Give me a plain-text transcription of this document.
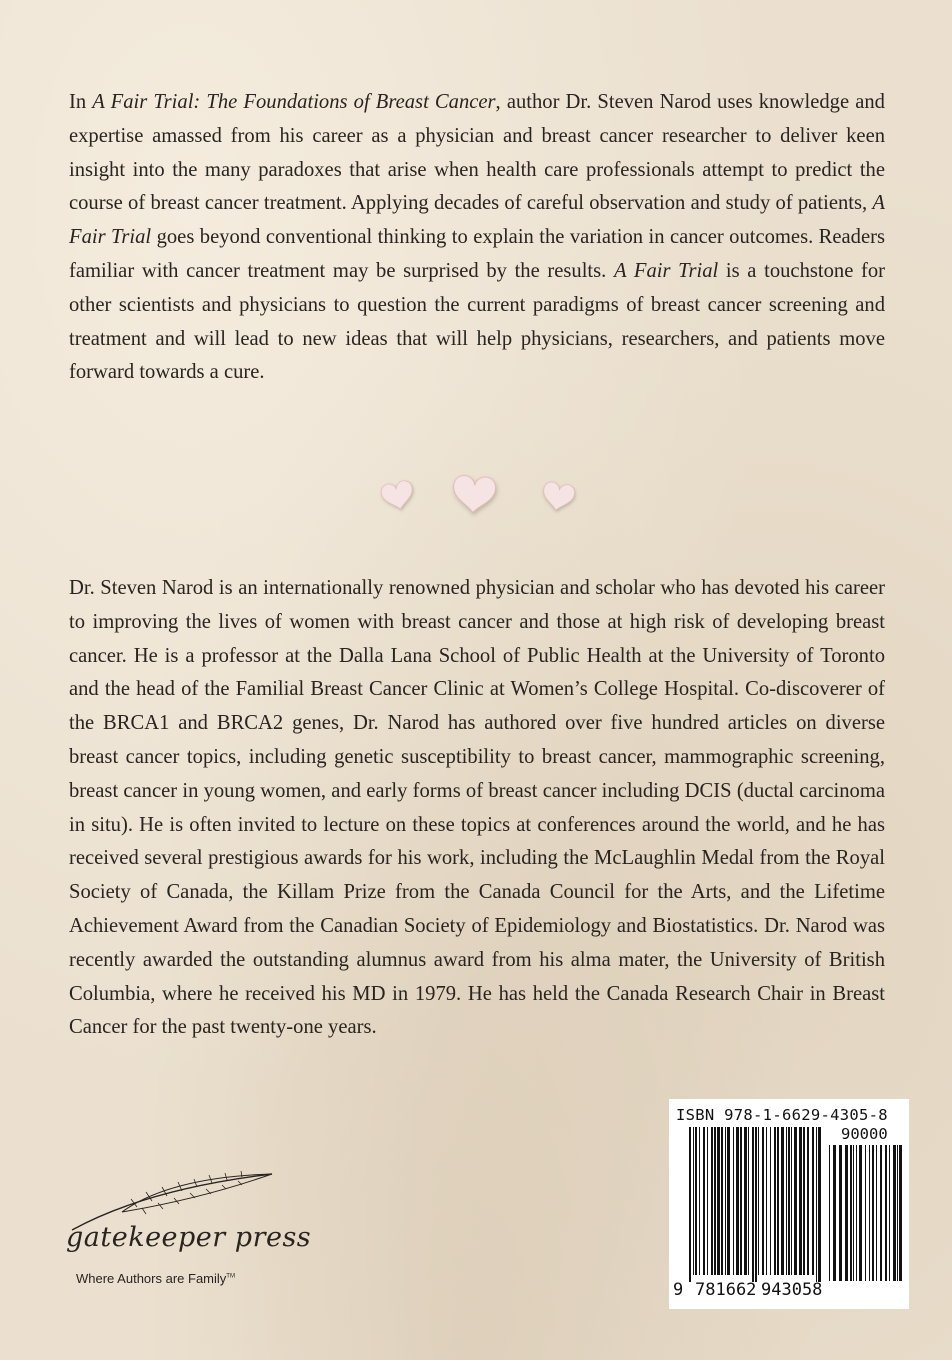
In A Fair Trial: The Foundations of Breast Cancer, author Dr. Steven Narod uses knowledge and expertise amassed from his career as a physician and breast cancer researcher to deliver keen insight into the many paradoxes that arise when health care professionals attempt to predict the course of breast cancer treatment. Applying decades of careful observation and study of patients, A Fair Trial goes beyond conventional thinking to explain the variation in cancer outcomes. Readers familiar with cancer treatment may be surprised by the results. A Fair Trial is a touchstone for other scientists and physicians to question the current paradigms of breast cancer screening and treatment and will lead to new ideas that will help physicians, researchers, and patients move forward towards a cure.

Dr. Steven Narod is an internationally renowned physician and scholar who has devoted his career to improving the lives of women with breast cancer and those at high risk of developing breast cancer. He is a professor at the Dalla Lana School of Public Health at the University of Toronto and the head of the Familial Breast Cancer Clinic at Women’s College Hospital. Co-discoverer of the BRCA1 and BRCA2 genes, Dr. Narod has authored over five hundred articles on diverse breast cancer topics, including genetic susceptibility to breast cancer, mammographic screening, breast cancer in young women, and early forms of breast cancer including DCIS (ductal carcinoma in situ). He is often invited to lecture on these topics at conferences around the world, and he has received several prestigious awards for his work, including the McLaughlin Medal from the Royal Society of Canada, the Killam Prize from the Canada Council for the Arts, and the Lifetime Achievement Award from the Canadian Society of Epidemiology and Biostatistics. Dr. Narod was recently awarded the outstanding alumnus award from his alma mater, the University of British Columbia, where he received his MD in 1979. He has held the Canada Research Chair in Breast Cancer for the past twenty-one years.

gatekeeper press
Where Authors are Family™
ISBN 978-1-6629-4305-8
90000
9 781662 943058
